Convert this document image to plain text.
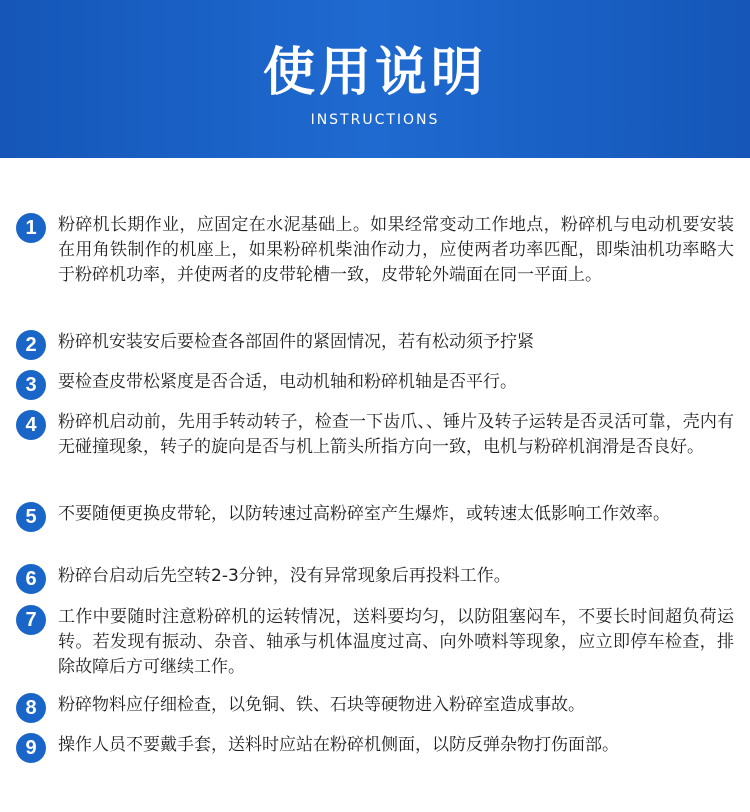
使用说明
INSTRUCTIONS
1	粉碎机长期作业，应固定在水泥基础上。如果经常变动工作地点，粉碎机与电动机要安装在用角铁制作的机座上，如果粉碎机柴油作动力，应使两者功率匹配，即柴油机功率略大于粉碎机功率，并使两者的皮带轮槽一致，皮带轮外端面在同一平面上。

2	粉碎机安装安后要检查各部固件的紧固情况，若有松动须予拧紧

3	要检查皮带松紧度是否合适，电动机轴和粉碎机轴是否平行。

4	粉碎机启动前，先用手转动转子，检查一下齿爪、、锤片及转子运转是否灵活可靠，壳内有无碰撞现象，转子的旋向是否与机上箭头所指方向一致，电机与粉碎机润滑是否良好。

5	不要随便更换皮带轮，以防转速过高粉碎室产生爆炸，或转速太低影响工作效率。

6	粉碎台启动后先空转2-3分钟，没有异常现象后再投料工作。

7	工作中要随时注意粉碎机的运转情况，送料要均匀，以防阻塞闷车，不要长时间超负荷运转。若发现有振动、杂音、轴承与机体温度过高、向外喷料等现象，应立即停车检查，排除故障后方可继续工作。

8	粉碎物料应仔细检查，以免铜、铁、石块等硬物进入粉碎室造成事故。

9	操作人员不要戴手套，送料时应站在粉碎机侧面，以防反弹杂物打伤面部。
